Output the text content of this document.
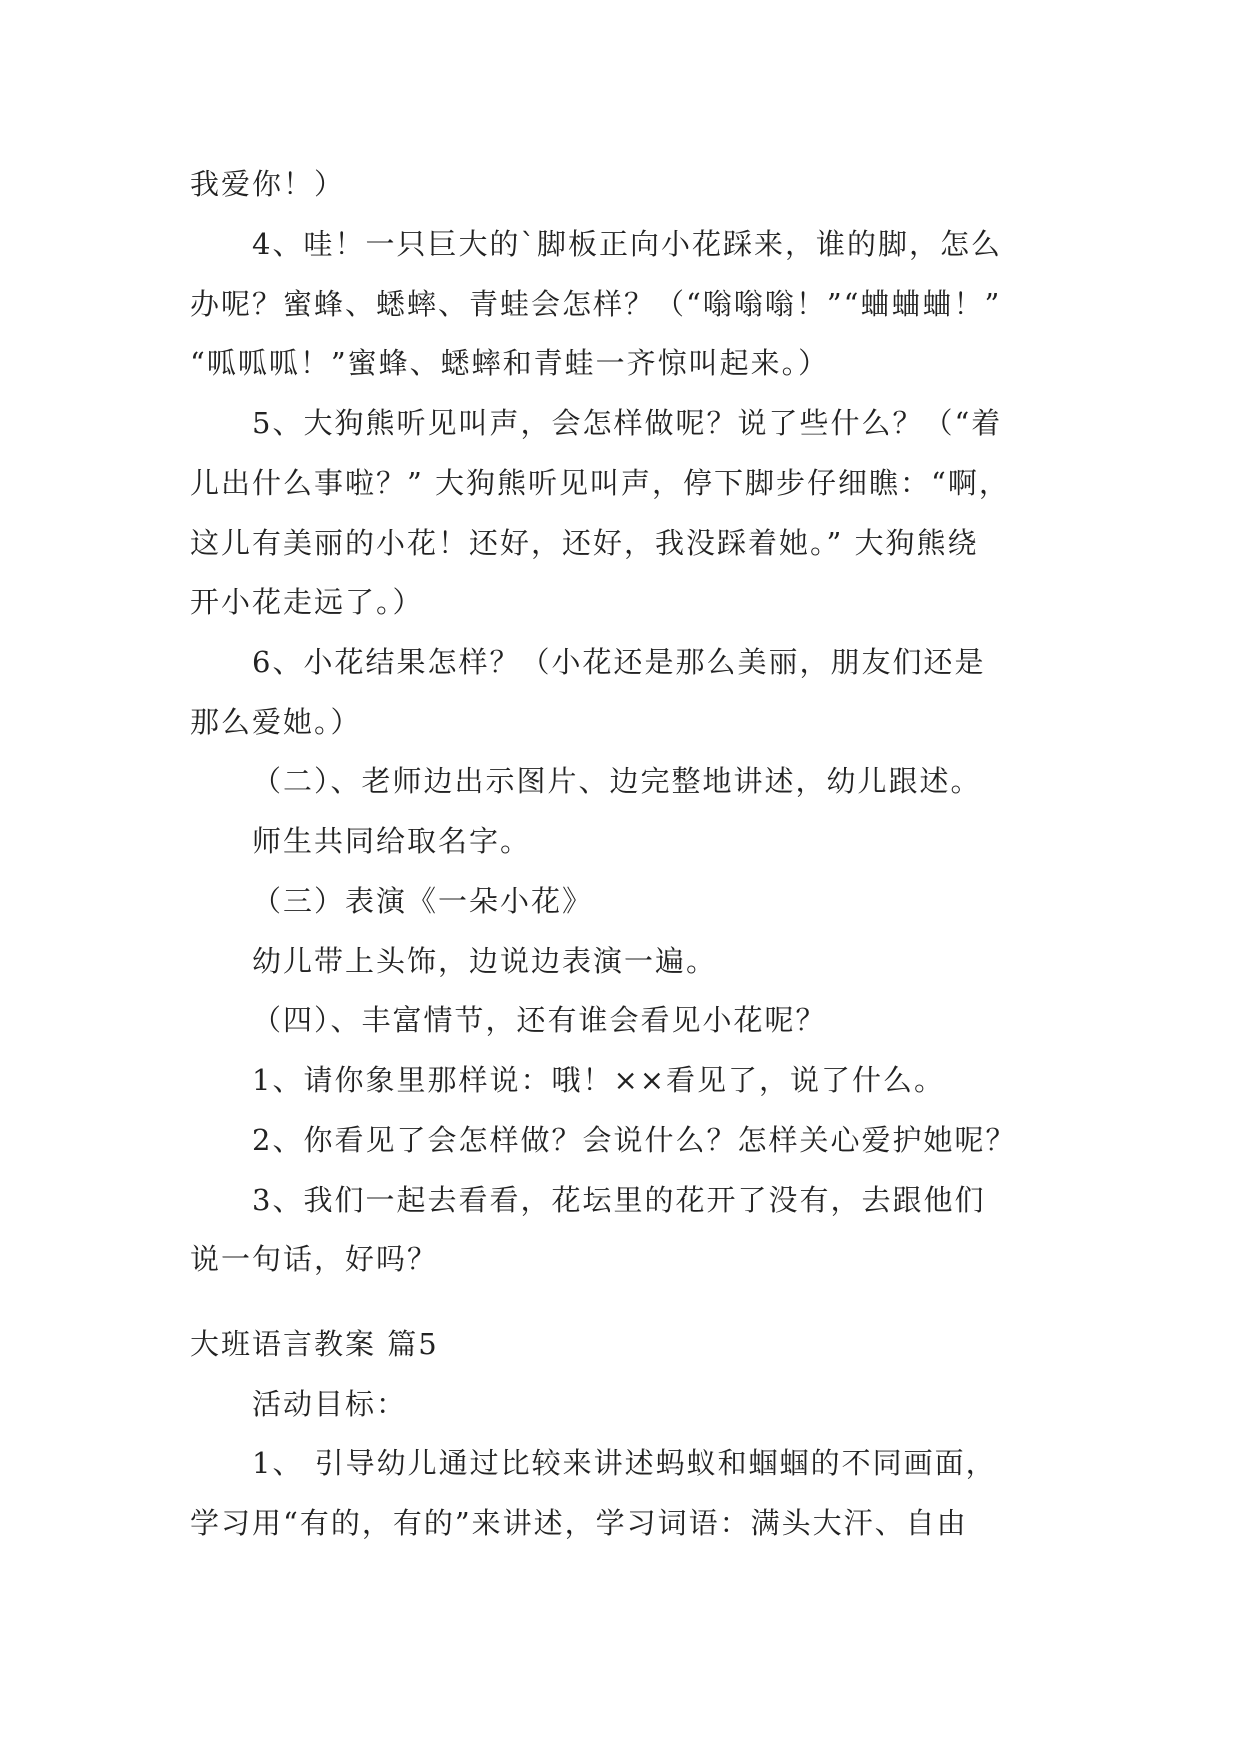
我爱你！）
4、哇！一只巨大的`脚板正向小花踩来，谁的脚，怎么
办呢？蜜蜂、蟋蟀、青蛙会怎样？（“嗡嗡嗡！”“蛐蛐蛐！”
“呱呱呱！”蜜蜂、蟋蟀和青蛙一齐惊叫起来。）
5、大狗熊听见叫声，会怎样做呢？说了些什么？（“着
儿出什么事啦？” 大狗熊听见叫声，停下脚步仔细瞧：“啊，
这儿有美丽的小花！还好，还好，我没踩着她。” 大狗熊绕
开小花走远了。）
6、小花结果怎样？（小花还是那么美丽，朋友们还是
那么爱她。）
（二）、老师边出示图片、边完整地讲述，幼儿跟述。
师生共同给取名字。
（三）表演《一朵小花》
幼儿带上头饰，边说边表演一遍。
（四）、丰富情节，还有谁会看见小花呢？
1、请你象里那样说：哦！××看见了，说了什么。
2、你看见了会怎样做？会说什么？怎样关心爱护她呢？
3、我们一起去看看，花坛里的花开了没有，去跟他们
说一句话，好吗？
大班语言教案 篇5
活动目标：
1、 引导幼儿通过比较来讲述蚂蚁和蝈蝈的不同画面，
学习用“有的，有的”来讲述，学习词语：满头大汗、自由
